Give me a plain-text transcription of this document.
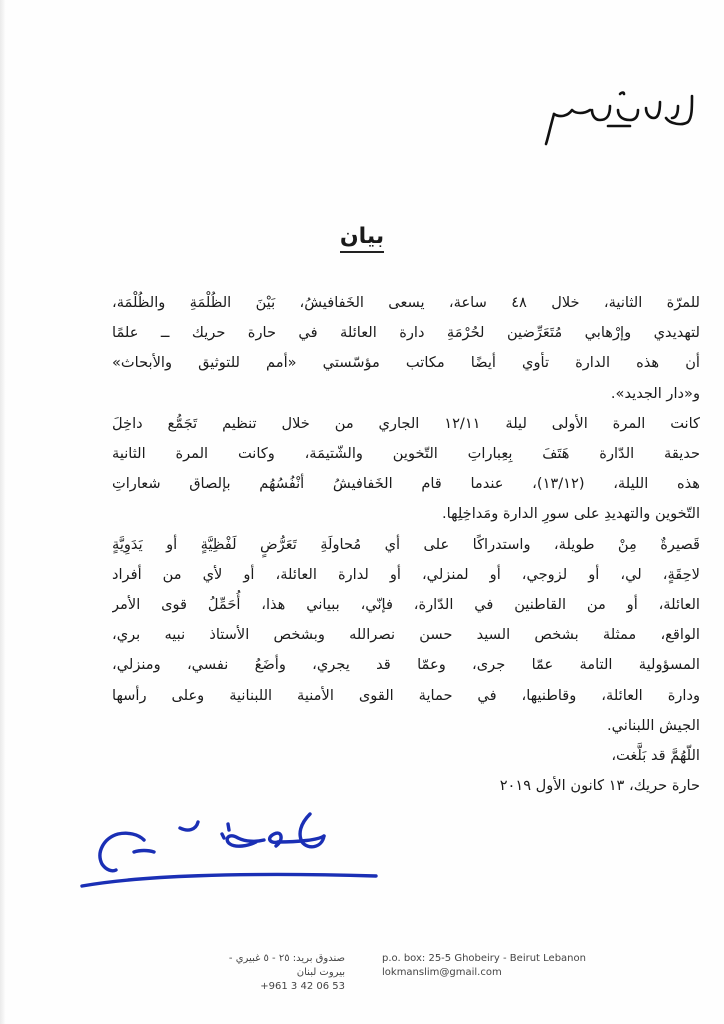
بيان
للمرّة الثانية، خلال ٤٨ ساعة، يسعى الخَفافيشُ، بَيْنَ الظُلْمَةِ والظُلْمَة،
لتهديدي وإرْهابي مُتَعَرِّضين لحُرْمَةِ دارة العائلة في حارة حريك ــ علمًا
أن هذه الدارة تأوي أيضًا مكاتب مؤسّستي «أمم للتوثيق والأبحاث»
و«دار الجديد».
كانت المرة الأولى ليلة ١٢/١١ الجاري من خلال تنظيم تَجَمُّع داخِلَ
حديقة الدّارة هَتَفَ بِعِباراتِ التّخوين والشّتيمَة، وكانت المرة الثانية
هذه الليلة، (١٣/١٢)، عندما قام الخَفافيشُ أنْفُسُهُم بإلصاق شعاراتِ
التّخوين والتهديدِ على سورِ الدارة ومَداخِلِها.
قَصيرةٌ مِنْ طويلة، واستدراكًا على أي مُحاولَةِ تَعَرُّضٍ لَفْظِيَّةٍ أو يَدَوِيَّةٍ
لاحِقَةٍ، لي، أو لزوجي، أو لمنزلي، أو لدارة العائلة، أو لأي من أفراد
العائلة، أو من القاطنين في الدّارة، فإنّي، ببياني هذا، أُحَمِّلُ قوى الأمر
الواقع، ممثلة بشخص السيد حسن نصرالله وبشخص الأستاذ نبيه بري،
المسؤولية التامة عمّا جرى، وعمّا قد يجري، وأضَعُ نفسي، ومنزلي،
ودارة العائلة، وقاطنيها، في حماية القوى الأمنية اللبنانية وعلى رأسها
الجيش اللبناني.
اللّهُمَّ قد بَلَّغت،
حارة حريك، ١٣ كانون الأول ٢٠١٩
صندوق بريد: ٢٥ - ٥ غبيري - بيروت لبنان
+961 3 42 06 53
p.o. box: 25-5 Ghobeiry - Beirut Lebanon
lokmanslim@gmail.com
